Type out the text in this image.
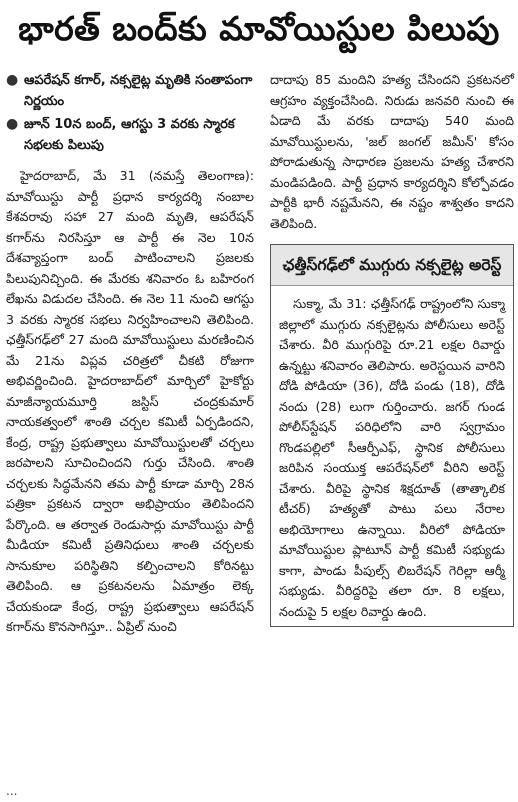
భారత్ బంద్‌కు మావోయిస్టుల పిలుపు
● ఆపరేషన్ కగార్, నక్సలైట్ల మృతికి సంతాపంగా నిర్ణయం
● జూన్ 10న బంద్, ఆగస్టు 3 వరకు స్మారక సభలకు పిలుపు
హైదరాబాద్, మే 31 (నమస్తే తెలంగాణ): మావోయిస్టు పార్టీ ప్రధాన కార్యదర్శి నంబాల కేశవరావు సహా 27 మంది మృతి, ఆపరేషన్ కగార్‌ను నిరసిస్తూ ఆ పార్టీ ఈ నెల 10న దేశవ్యాప్తంగా బంద్ పాటించాలని ప్రజలకు పిలుపునిచ్చింది. ఈ మేరకు శనివారం ఓ బహిరంగ లేఖను విడుదల చేసింది. ఈ నెల 11 నుంచి ఆగస్టు 3 వరకు స్మారక సభలు నిర్వహించాలని తెలిపింది. ఛత్తీస్‌గఢ్‌లో 27 మంది మావోయిస్టులు మరణించిన మే 21ను విప్లవ చరిత్రలో చీకటి రోజుగా అభివర్ణించింది. హైదరాబాద్‌లో మార్చిలో హైకోర్టు మాజీన్యాయమూర్తి జస్టిస్ చంద్రకుమార్ నాయకత్వంలో శాంతి చర్చల కమిటీ ఏర్పడిందని, కేంద్ర, రాష్ట్ర ప్రభుత్వాలు మావోయిస్టులతో చర్చలు జరపాలని సూచించిందని గుర్తు చేసింది. శాంతి చర్చలకు సిద్ధమేనని తమ పార్టీ కూడా మార్చి 28న పత్రికా ప్రకటన ద్వారా అభిప్రాయం తెలిపిందని పేర్కొంది. ఆ తర్వాత రెండుసార్లు మావోయిస్టు పార్టీ మీడియా కమిటీ ప్రతినిధులు శాంతి చర్చలకు సానుకూల పరిస్థితిని కల్పించాలని కోరినట్టు తెలిపింది. ఆ ప్రకటనలను ఏమాత్రం లెక్క చేయకుండా కేంద్ర, రాష్ట్ర ప్రభుత్వాలు ఆపరేషన్ కగార్‌ను కొనసాగిస్తూ.. ఏప్రిల్ నుంచి
దాదాపు 85 మందిని హత్య చేసిందని ప్రకటనలో ఆగ్రహం వ్యక్తంచేసింది. నిరుడు జనవరి నుంచి ఈ ఏడాది మే వరకు దాదాపు 540 మంది మావోయిస్టులను, 'జల్ జంగల్ జమీన్' కోసం పోరాడుతున్న సాధారణ ప్రజలను హత్య చేశారని మండిపడింది. పార్టీ ప్రధాన కార్యదర్శిని కోల్పోవడం పార్టీకి భారీ నష్టమేనని, ఈ నష్టం శాశ్వతం కాదని తెలిపింది.
ఛత్తీస్‌గఢ్‌లో ముగ్గురు నక్సలైట్ల అరెస్ట్
సుక్మా, మే 31: ఛత్తీస్‌గఢ్ రాష్ట్రంలోని సుక్మా జిల్లాలో ముగ్గురు నక్సలైట్లను పోలీసులు అరెస్ట్ చేశారు. వీరి ముగ్గురిపై రూ.21 లక్షల రివార్డు ఉన్నట్టు శనివారం తెలిపారు. అరెస్టయిన వారిని దోడి పోడియా (36), దోడి పండు (18), దోడి నందు (28) లుగా గుర్తించారు. జగర్ గుండ పోలీస్‌స్టేషన్ పరిధిలోని వారి స్వగ్రామం గొండపల్లిలో సీఆర్పీఎఫ్, స్థానిక పోలీసులు జరిపిన సంయుక్త ఆపరేషన్‌లో వీరిని అరెస్ట్ చేశారు. వీరిపై స్థానిక శిక్షదూత్ (తాత్కాలిక టీచర్) హత్యతో పాటు పలు నేరాల అభియోగాలు ఉన్నాయి. వీరిలో పోడియా మావోయిస్టుల ప్లాటూన్ పార్టీ కమిటీ సభ్యుడు కాగా, పాండు పీపుల్స్ లిబరేషన్ గెరిల్లా ఆర్మీ సభ్యుడు. వీరిద్దరిపై తలా రూ. 8 లక్షలు, నందుపై 5 లక్షల రివార్డు ఉంది.
...
